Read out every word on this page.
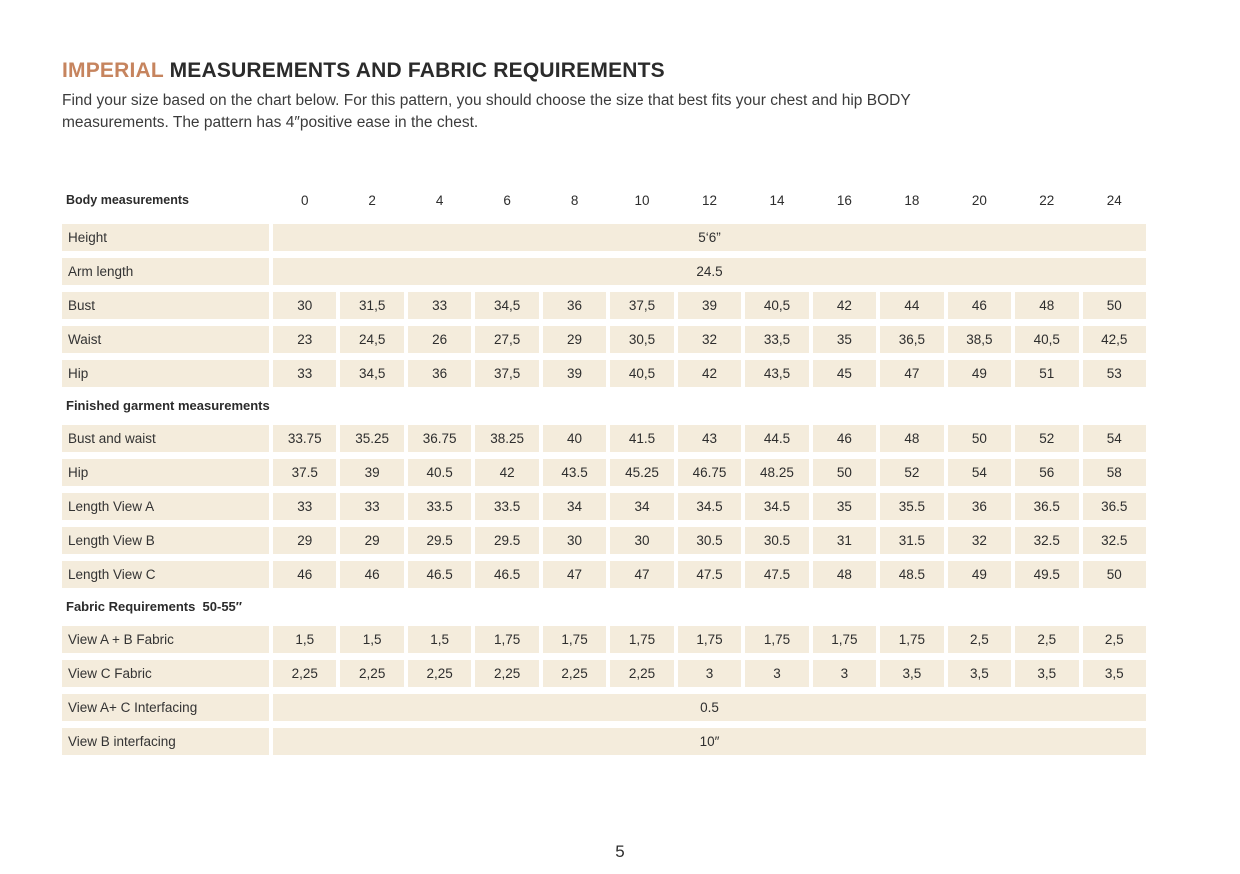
IMPERIAL MEASUREMENTS AND FABRIC REQUIREMENTS

Find your size based on the chart below. For this pattern, you should choose the size that best fits your chest and hip BODY
measurements. The pattern has 4″positive ease in the chest.

Body measurements	0	2	4	6	8	10	12	14	16	18	20	22	24
Height	5‘6”
Arm length	24.5
Bust	30	31,5	33	34,5	36	37,5	39	40,5	42	44	46	48	50
Waist	23	24,5	26	27,5	29	30,5	32	33,5	35	36,5	38,5	40,5	42,5
Hip	33	34,5	36	37,5	39	40,5	42	43,5	45	47	49	51	53
Finished garment measurements
Bust and waist	33.75	35.25	36.75	38.25	40	41.5	43	44.5	46	48	50	52	54
Hip	37.5	39	40.5	42	43.5	45.25	46.75	48.25	50	52	54	56	58
Length View A	33	33	33.5	33.5	34	34	34.5	34.5	35	35.5	36	36.5	36.5
Length View B	29	29	29.5	29.5	30	30	30.5	30.5	31	31.5	32	32.5	32.5
Length View C	46	46	46.5	46.5	47	47	47.5	47.5	48	48.5	49	49.5	50
Fabric Requirements  50-55″
View A + B Fabric	1,5	1,5	1,5	1,75	1,75	1,75	1,75	1,75	1,75	1,75	2,5	2,5	2,5
View C Fabric	2,25	2,25	2,25	2,25	2,25	2,25	3	3	3	3,5	3,5	3,5	3,5
View A+ C Interfacing	0.5
View B interfacing	10″
5
